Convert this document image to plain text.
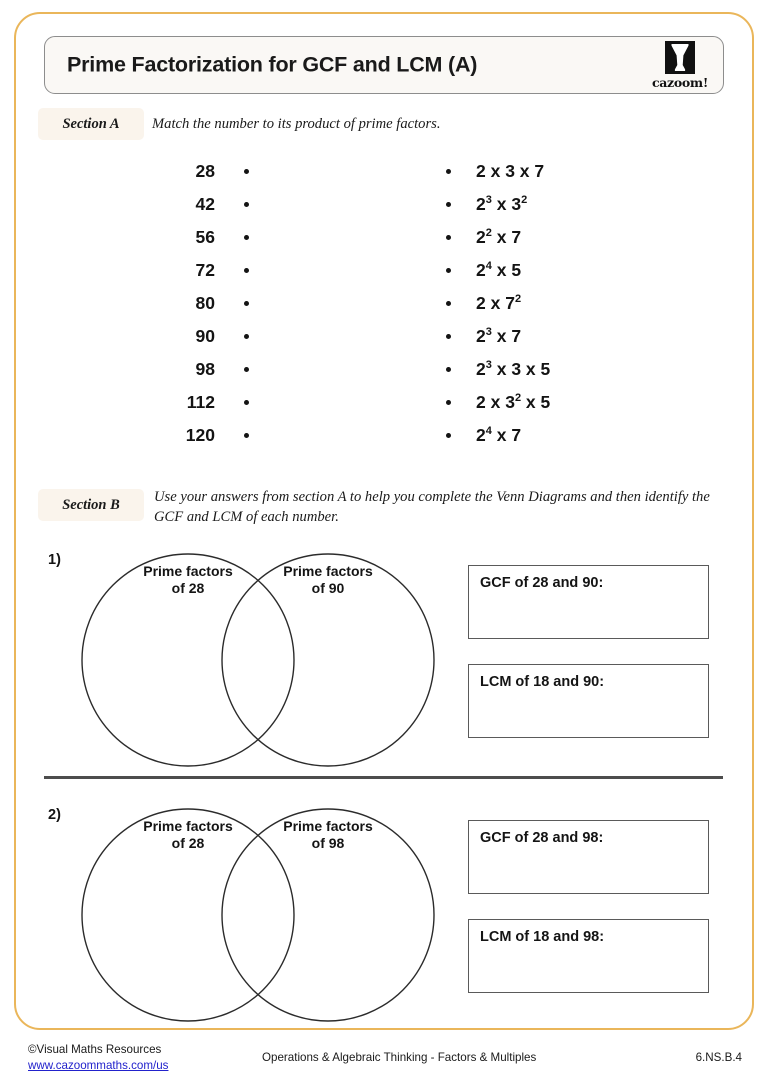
Prime Factorization for GCF and LCM (A)
cazoom!
Section A	Match the number to its product of prime factors.
28	2 x 3 x 7
42	$2^3$ x $3^2$
56	$2^2$ x 7
72	$2^4$ x 5
80	2 x $7^2$
90	$2^3$ x 7
98	$2^3$ x 3 x 5
112	2 x $3^2$ x 5
120	$2^4$ x 7
Section B	Use your answers from section A to help you complete the Venn Diagrams and then identify the GCF and LCM of each number.
1)
Prime factors
of 28
Prime factors
of 90	GCF of 28 and 90:
LCM of 18 and 90:
2)
Prime factors
of 28
Prime factors
of 98	GCF of 28 and 98:
LCM of 18 and 98:
©Visual Maths Resources
www.cazoommaths.com/us
Operations & Algebraic Thinking - Factors & Multiples	6.NS.B.4
